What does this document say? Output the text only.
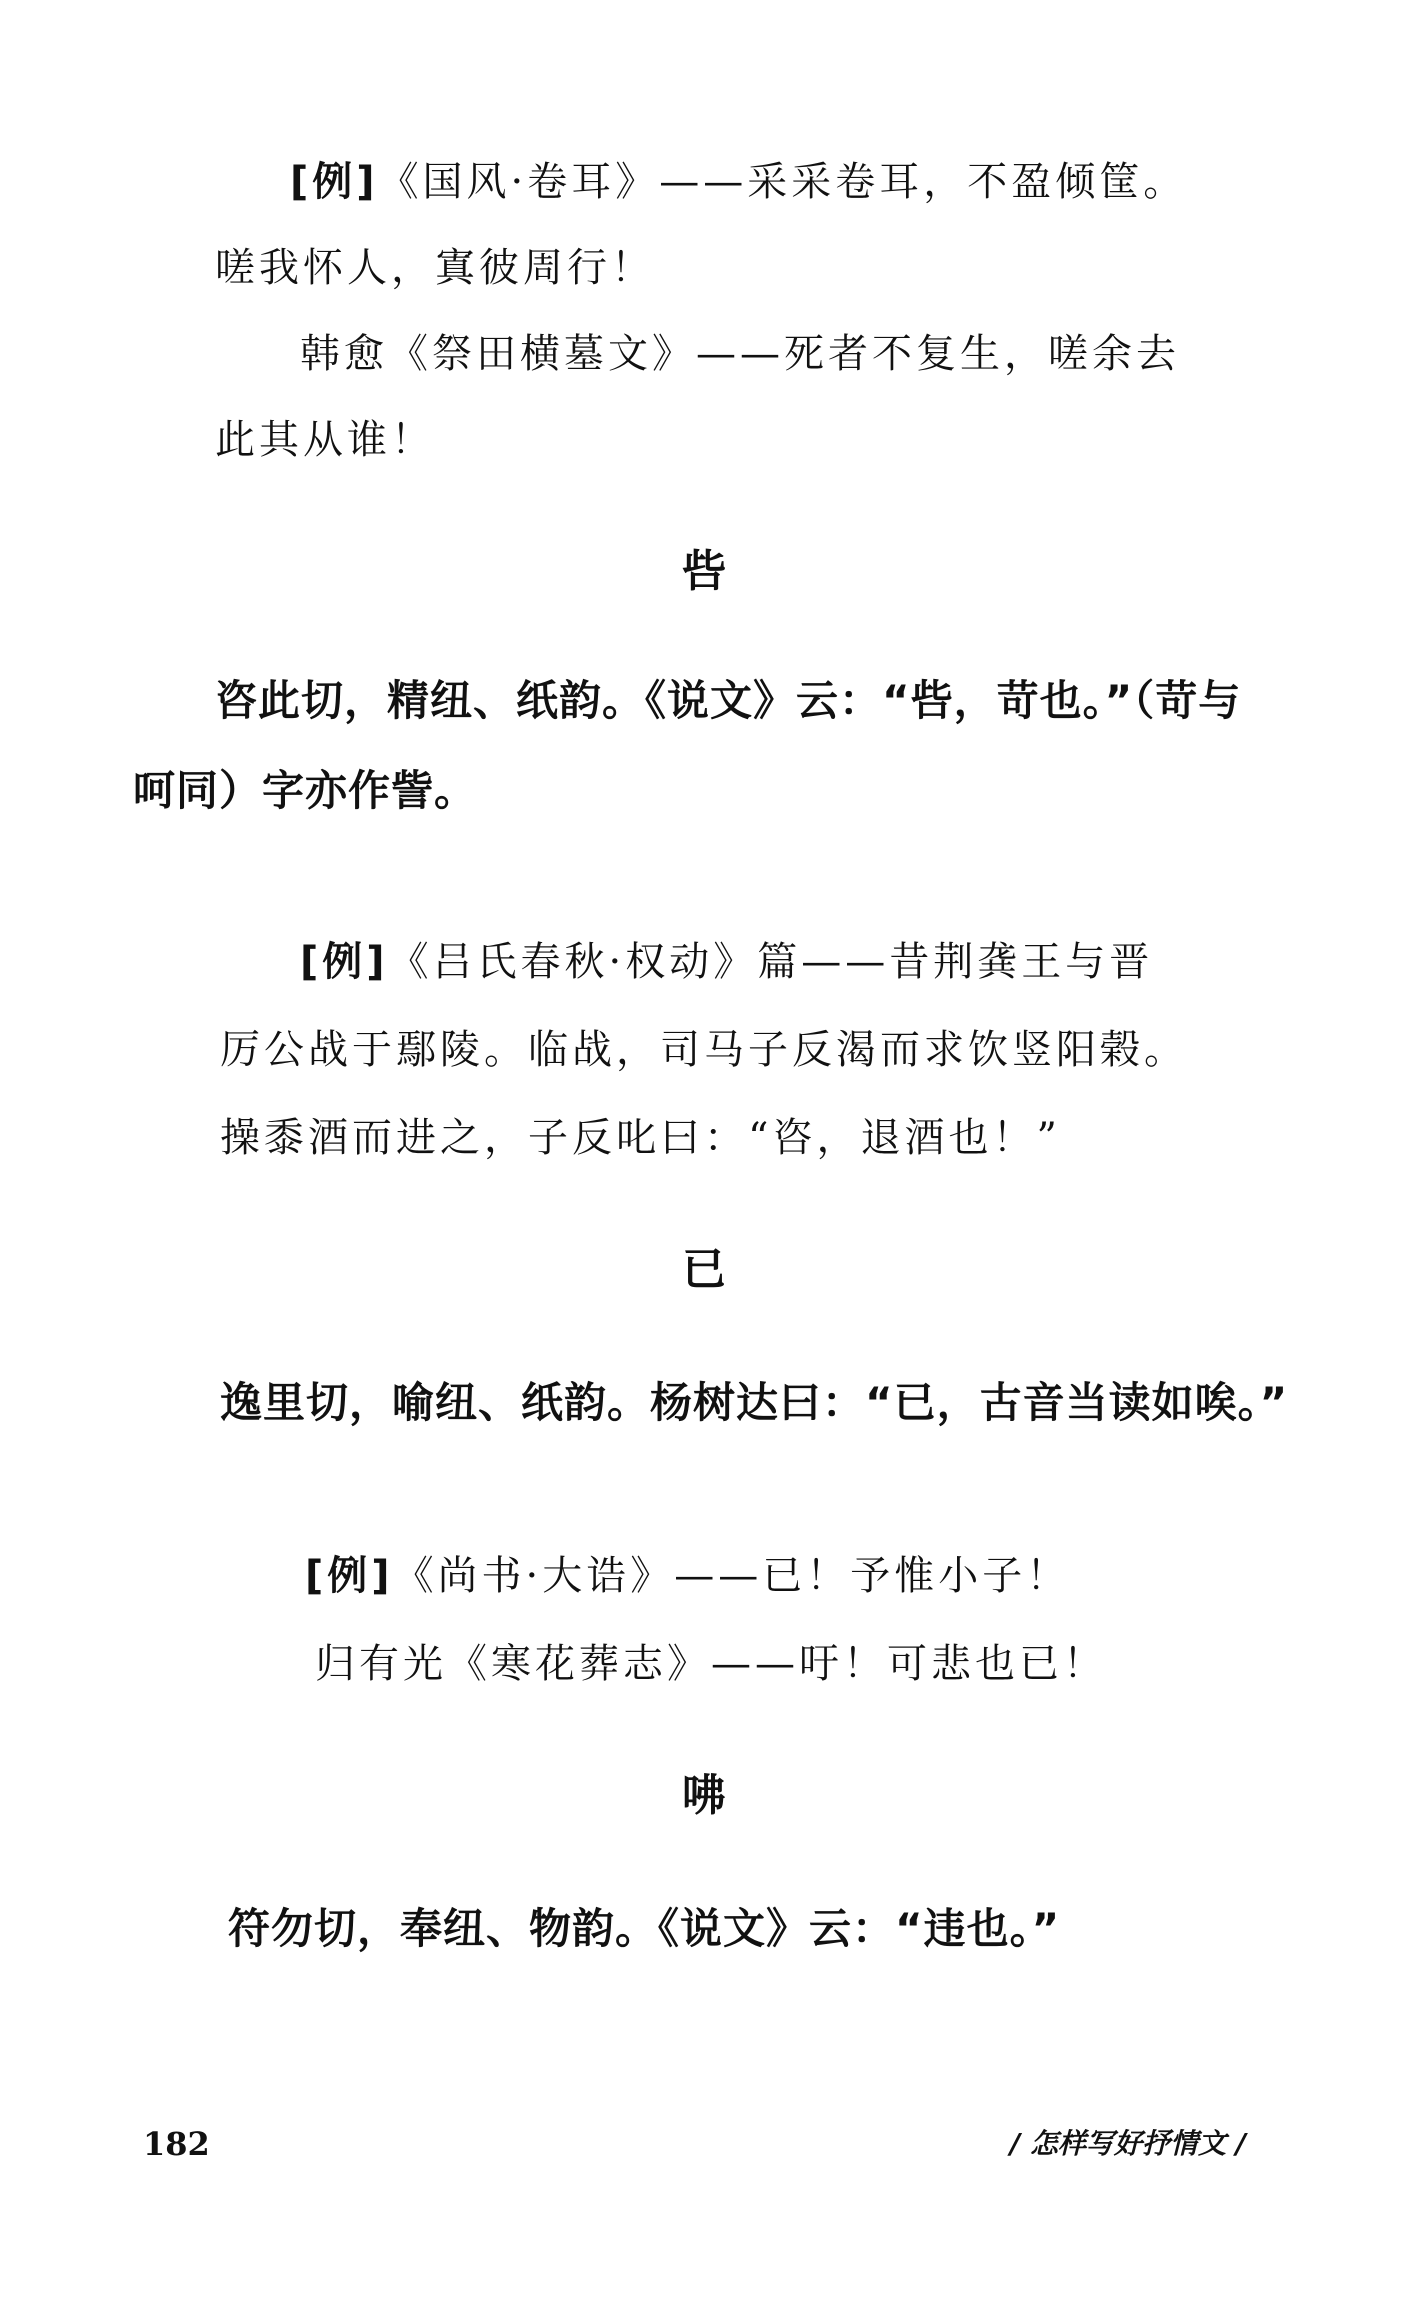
[例]《国风·卷耳》——采采卷耳，不盈倾筐。
嗟我怀人，寘彼周行！
韩愈《祭田横墓文》——死者不复生，嗟余去
此其从谁！
呰
咨此切，精纽、纸韵。《说文》云：“呰，苛也。”（苛与
呵同）字亦作訾。
[例]《吕氏春秋·权动》篇——昔荆龚王与晋
厉公战于鄢陵。临战，司马子反渴而求饮竖阳榖。
操黍酒而进之，子反叱曰：“咨，退酒也！”
已
逸里切，喻纽、纸韵。杨树达曰：“已，古音当读如唉。”
[例]《尚书·大诰》——已！予惟小子！
归有光《寒花葬志》——吁！可悲也已！
咈
符勿切，奉纽、物韵。《说文》云：“违也。”
182	/ 怎样写好抒情文 /
